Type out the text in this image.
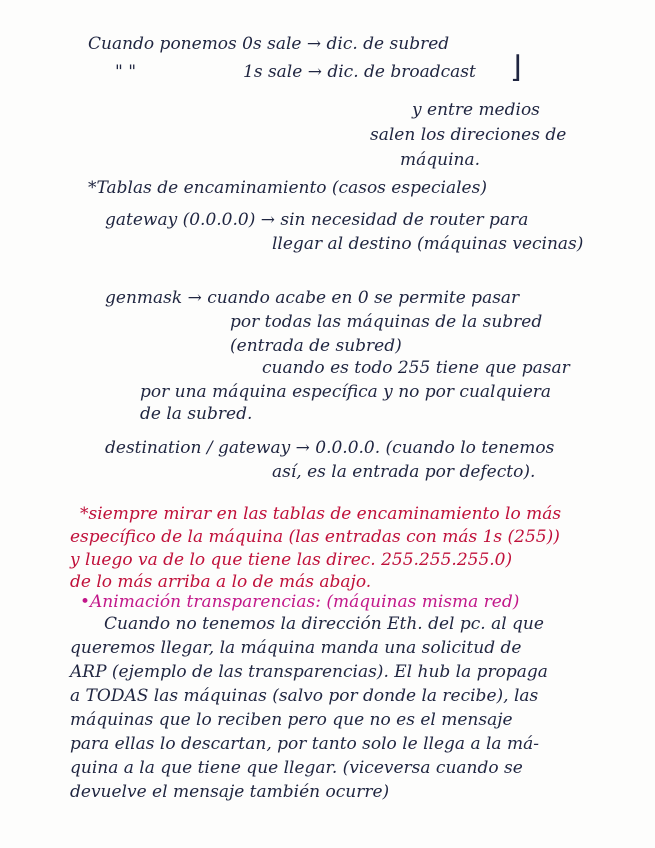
Cuando ponemos 0s sale → dic. de subred
" "	1s sale → dic. de broadcast ⌋
y entre medios
salen los direciones de
máquina.
*Tablas de encaminamiento (casos especiales)
gateway (0.0.0.0) → sin necesidad de router para
llegar al destino (máquinas vecinas)
genmask → cuando acabe en 0 se permite pasar
por todas las máquinas de la subred
(entrada de subred)
cuando es todo 255 tiene que pasar
por una máquina específica y no por cualquiera
de la subred.
destination / gateway → 0.0.0.0. (cuando lo tenemos
así, es la entrada por defecto).
*siempre mirar en las tablas de encaminamiento lo más
específico de la máquina (las entradas con más 1s (255))
y luego va de lo que tiene las direc. 255.255.255.0)
de lo más arriba a lo de más abajo.
•Animación transparencias: (máquinas misma red)
Cuando no tenemos la dirección Eth. del pc. al que
queremos llegar, la máquina manda una solicitud de
ARP (ejemplo de las transparencias). El hub la propaga
a TODAS las máquinas (salvo por donde la recibe), las
máquinas que lo reciben pero que no es el mensaje
para ellas lo descartan, por tanto solo le llega a la má-
quina a la que tiene que llegar. (viceversa cuando se
devuelve el mensaje también ocurre)
